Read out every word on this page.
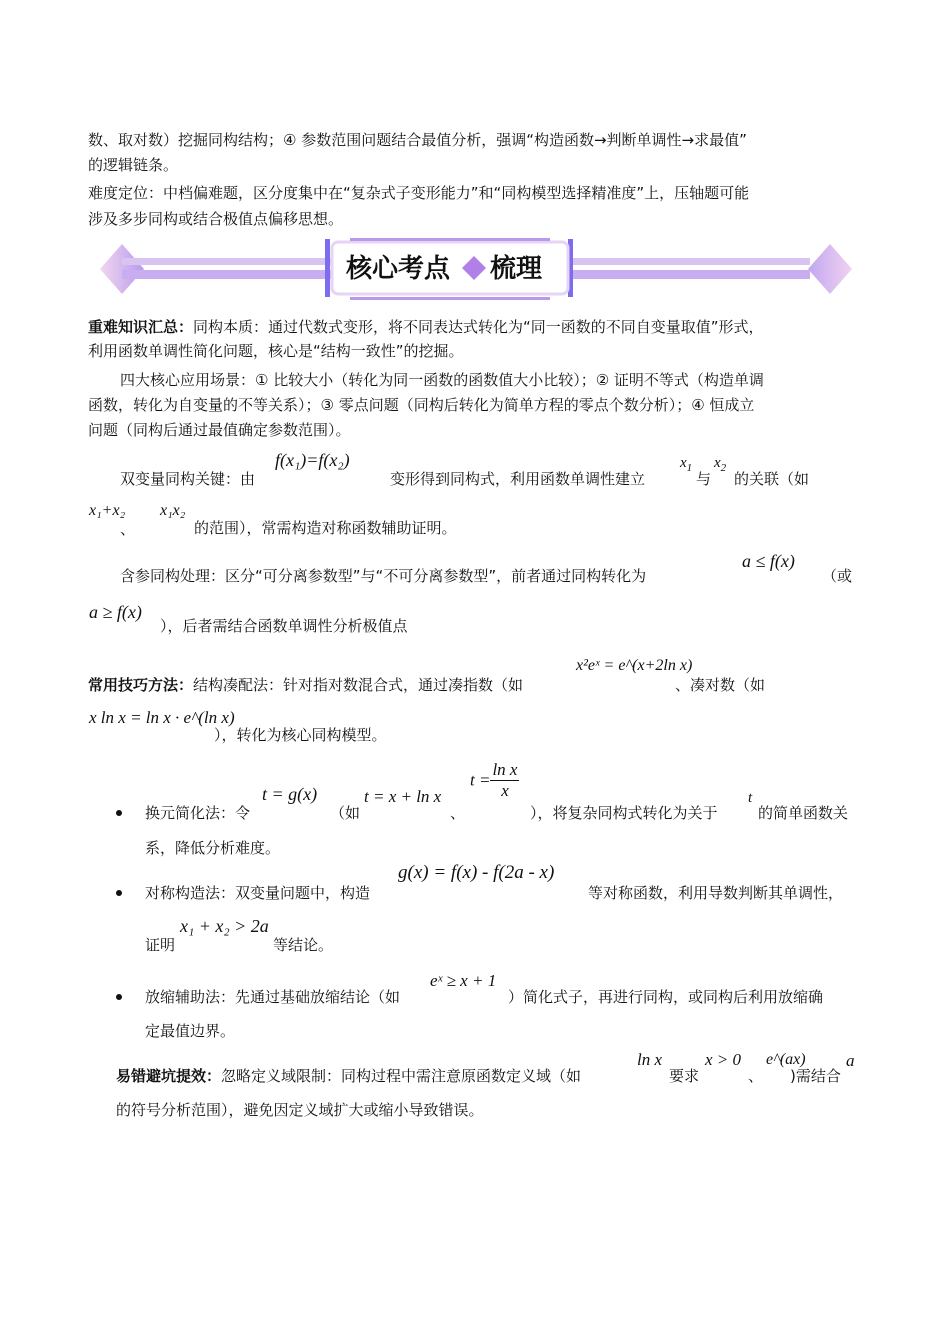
数、取对数）挖掘同构结构；④ 参数范围问题结合最值分析，强调“构造函数→判断单调性→求最值”
的逻辑链条。
难度定位：中档偏难题，区分度集中在“复杂式子变形能力”和“同构模型选择精准度”上，压轴题可能
涉及多步同构或结合极值点偏移思想。
核心考点 梳理
重难知识汇总：同构本质：通过代数式变形，将不同表达式转化为“同一函数的不同自变量取值”形式，
利用函数单调性简化问题，核心是“结构一致性”的挖掘。
四大核心应用场景：① 比较大小（转化为同一函数的函数值大小比较）；② 证明不等式（构造单调
函数，转化为自变量的不等关系）；③ 零点问题（同构后转化为简单方程的零点个数分析）；④ 恒成立
问题（同构后通过最值确定参数范围）。
双变量同构关键：由
f(x₁)=f(x₂)
变形得到同构式，利用函数单调性建立
$x_1$
与
$x_2$
的关联（如
x₁+x₂
、
x₁x₂
的范围），常需构造对称函数辅助证明。
含参同构处理：区分“可分离参数型”与“不可分离参数型”，前者通过同构转化为
a ≤ f(x)
（或
a ≥ f(x)
），后者需结合函数单调性分析极值点
常用技巧方法：结构凑配法：针对指对数混合式，通过凑指数（如
x²eˣ = e^(x+2ln x)
、凑对数（如
x ln x = ln x · e^(ln x)
），转化为核心同构模型。
换元简化法：令
t = g(x)
（如
t = x + ln x
、
$t = \frac{\text{ln x}}{x}$
），将复杂同构式转化为关于
t
的简单函数关
系，降低分析难度。
对称构造法：双变量问题中，构造
g(x) = f(x) - f(2a - x)
等对称函数，利用导数判断其单调性，
证明
x₁ + x₂ > 2a
等结论。
放缩辅助法：先通过基础放缩结论（如
eˣ ≥ x + 1
）简化式子，再进行同构，或同构后利用放缩确
定最值边界。
易错避坑提效：忽略定义域限制：同构过程中需注意原函数定义域（如
ln x
要求
x > 0
、
e^(ax)
)需结合
a
的符号分析范围），避免因定义域扩大或缩小导致错误。
